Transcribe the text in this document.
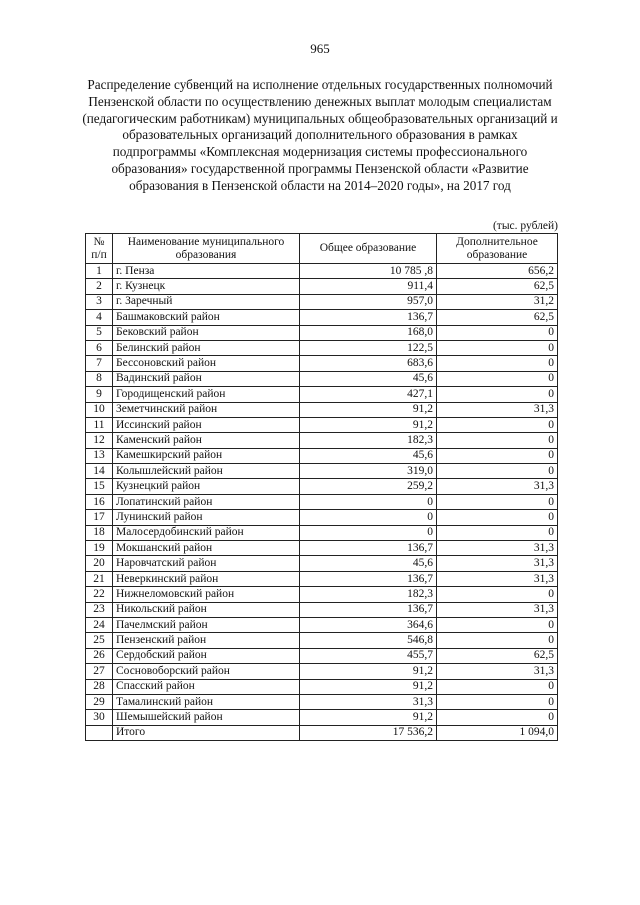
965
Распределение субвенций на исполнение отдельных государственных полномочий Пензенской области по осуществлению денежных выплат молодым специалистам (педагогическим работникам) муниципальных общеобразовательных организаций и образовательных организаций дополнительного образования в рамках подпрограммы «Комплексная модернизация системы профессионального образования» государственной программы Пензенской области «Развитие образования в Пензенской области на 2014–2020 годы», на 2017 год
(тыс. рублей)
№ п/п	Наименование муниципального образования	Общее образование	Дополнительное образование
1	г. Пенза	10 785 ,8	656,2
2	г. Кузнецк	911,4	62,5
3	г. Заречный	957,0	31,2
4	Башмаковский район	136,7	62,5
5	Бековский район	168,0	0
6	Белинский район	122,5	0
7	Бессоновский район	683,6	0
8	Вадинский район	45,6	0
9	Городищенский район	427,1	0
10	Земетчинский район	91,2	31,3
11	Иссинский район	91,2	0
12	Каменский район	182,3	0
13	Камешкирский район	45,6	0
14	Колышлейский район	319,0	0
15	Кузнецкий район	259,2	31,3
16	Лопатинский район	0	0
17	Лунинский район	0	0
18	Малосердобинский район	0	0
19	Мокшанский район	136,7	31,3
20	Наровчатский район	45,6	31,3
21	Неверкинский район	136,7	31,3
22	Нижнеломовский район	182,3	0
23	Никольский район	136,7	31,3
24	Пачелмский район	364,6	0
25	Пензенский район	546,8	0
26	Сердобский район	455,7	62,5
27	Сосновоборский район	91,2	31,3
28	Спасский район	91,2	0
29	Тамалинский район	31,3	0
30	Шемышейский район	91,2	0
	Итого	17 536,2	1 094,0
